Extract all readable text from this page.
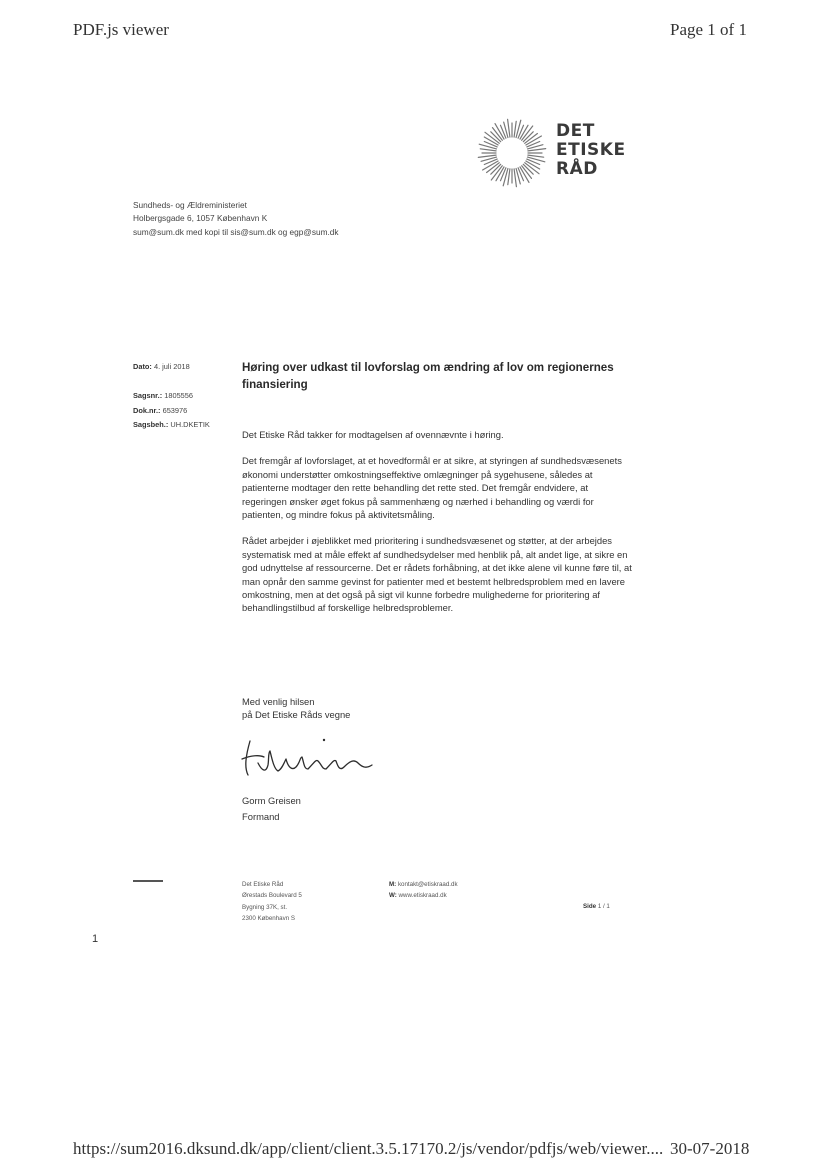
PDF.js viewer	Page 1 of 1
DET
ETISKE
RÅD
Sundheds- og Ældreministeriet
Holbergsgade 6, 1057 København K
sum@sum.dk med kopi til sis@sum.dk og egp@sum.dk
Dato: 4. juli 2018
Sagsnr.: 1805556
Dok.nr.: 653976
Sagsbeh.: UH.DKETIK
Høring over udkast til lovforslag om ændring af lov om regionernes finansiering

Det Etiske Råd takker for modtagelsen af ovennævnte i høring.

Det fremgår af lovforslaget, at et hovedformål er at sikre, at styringen af sundhedsvæsenets økonomi understøtter omkostningseffektive omlægninger på sygehusene, således at patienterne modtager den rette behandling det rette sted. Det fremgår endvidere, at regeringen ønsker øget fokus på sammenhæng og nærhed i behandling og værdi for patienten, og mindre fokus på aktivitetsmåling.

Rådet arbejder i øjeblikket med prioritering i sundhedsvæsenet og støtter, at der arbejdes systematisk med at måle effekt af sundhedsydelser med henblik på, alt andet lige, at sikre en god udnyttelse af ressourcerne. Det er rådets forhåbning, at det ikke alene vil kunne føre til, at man opnår den samme gevinst for patienter med et bestemt helbredsproblem med en lavere omkostning, men at det også på sigt vil kunne forbedre mulighederne for prioritering af behandlingstilbud af forskellige helbredsproblemer.

Med venlig hilsen
på Det Etiske Råds vegne
Gorm Greisen
Formand
Det Etiske Råd
Ørestads Boulevard 5
Bygning 37K, st.
2300 København S
M: kontakt@etiskraad.dk
W: www.etiskraad.dk
Side 1 / 1
1
https://sum2016.dksund.dk/app/client/client.3.5.17170.2/js/vendor/pdfjs/web/viewer.... 30-07-2018
